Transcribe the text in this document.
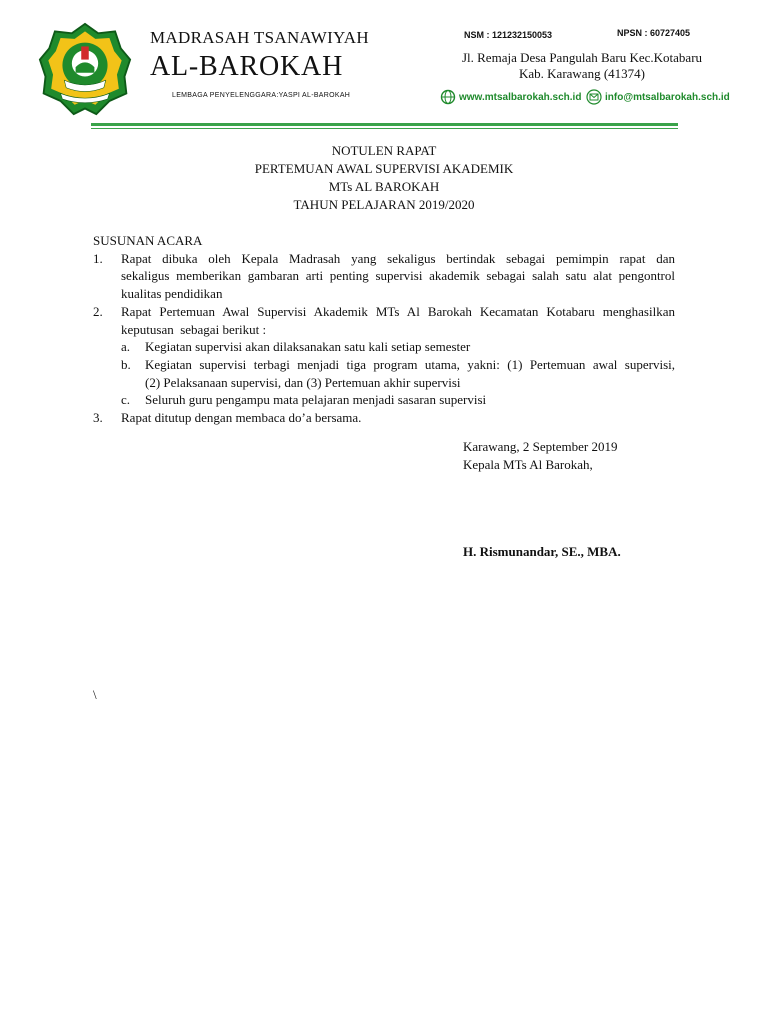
MADRASAH TSANAWIYAH
AL-BAROKAH
LEMBAGA PENYELENGGARA:YASPI AL-BAROKAH
NSM : 121232150053	NPSN : 60727405
Jl. Remaja Desa Pangulah Baru Kec.Kotabaru
Kab. Karawang (41374)
www.mtsalbarokah.sch.id info@mtsalbarokah.sch.id
NOTULEN RAPAT
PERTEMUAN AWAL SUPERVISI AKADEMIK
MTs AL BAROKAH
TAHUN PELAJARAN 2019/2020
SUSUNAN ACARA
1. Rapat dibuka oleh Kepala Madrasah yang sekaligus bertindak sebagai pemimpin rapat dan
sekaligus memberikan gambaran arti penting supervisi akademik sebagai salah satu alat pengontrol
kualitas pendidikan
2. Rapat Pertemuan Awal Supervisi Akademik MTs Al Barokah Kecamatan Kotabaru menghasilkan
keputusan  sebagai berikut :
a. Kegiatan supervisi akan dilaksanakan satu kali setiap semester
b. Kegiatan supervisi terbagi menjadi tiga program utama, yakni: (1) Pertemuan awal supervisi,
(2) Pelaksanaan supervisi, dan (3) Pertemuan akhir supervisi
c. Seluruh guru pengampu mata pelajaran menjadi sasaran supervisi
3. Rapat ditutup dengan membaca do’a bersama.
Karawang, 2 September 2019
Kepala MTs Al Barokah,
H. Rismunandar, SE., MBA.
\
